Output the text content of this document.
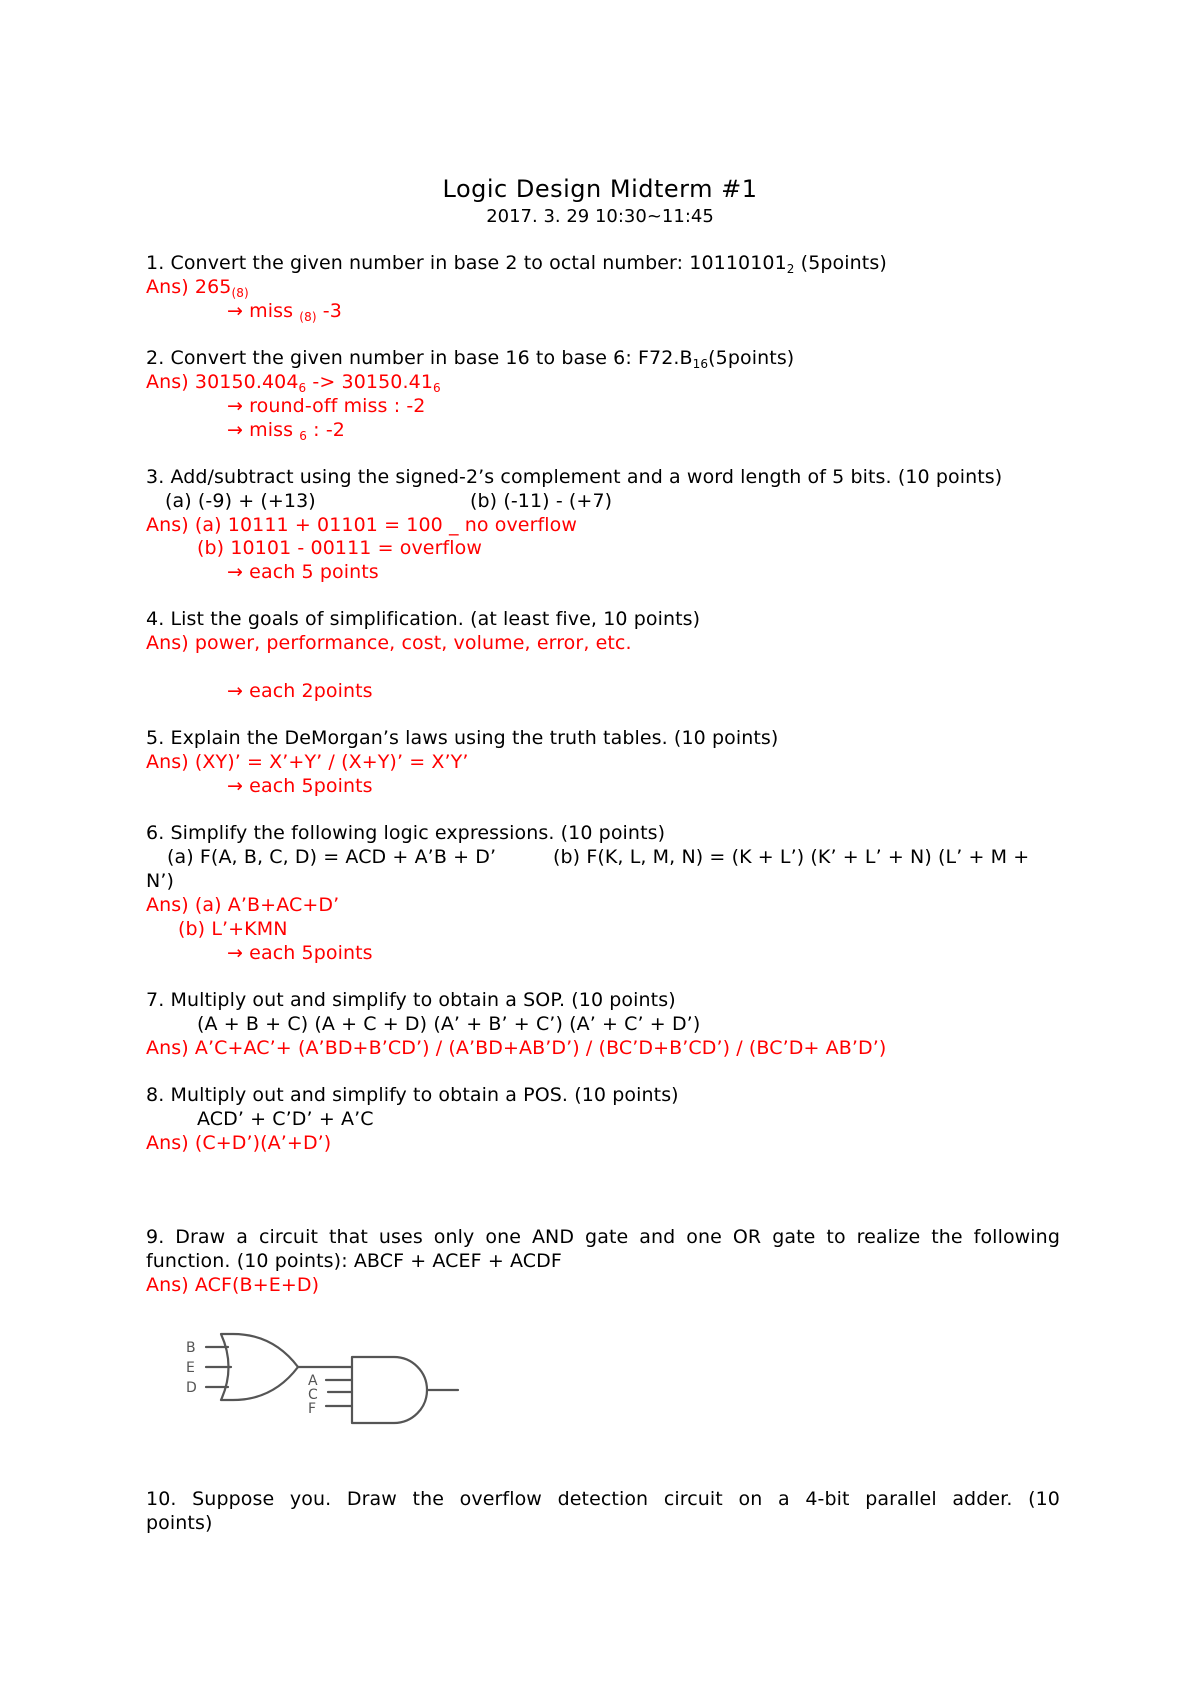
Logic Design Midterm #1
2017. 3. 29 10:30~11:45
1. Convert the given number in base 2 to octal number: $10110101_2$ (5points)
Ans) $265_{(8)}$
→ miss $_{(8)}$ -3
2. Convert the given number in base 16 to base 6: $F72.B_{16}(5points)$
Ans) $30150.404_6 -> 30150.41_6$
→ round-off miss : -2
→ miss $_6$ : -2
3. Add/subtract using the signed-2’s complement and a word length of 5 bits. (10 points)
(a) (-9) + (+13)	(b) (-11) - (+7)
Ans) (a) 10111 + 01101 = 100 _ no overflow
(b) 10101 - 00111 = overflow
→ each 5 points
4. List the goals of simplification. (at least five, 10 points)
Ans) power, performance, cost, volume, error, etc.
→ each 2points
5. Explain the DeMorgan’s laws using the truth tables. (10 points)
Ans) (XY)’ = X’+Y’ / (X+Y)’ = X’Y’
→ each 5points
6. Simplify the following logic expressions. (10 points)
(a) F(A, B, C, D) = ACD + A’B + D’	(b) F(K, L, M, N) = (K + L’) (K’ + L’ + N) (L’ + M +
N’)
Ans) (a) A’B+AC+D’
(b) L’+KMN
→ each 5points
7. Multiply out and simplify to obtain a SOP. (10 points)
(A + B + C) (A + C + D) (A’ + B’ + C’) (A’ + C’ + D’)
Ans) A’C+AC’+ (A’BD+B’CD’) / (A’BD+AB’D’) / (BC’D+B’CD’) / (BC’D+ AB’D’)
8. Multiply out and simplify to obtain a POS. (10 points)
ACD’ + C’D’ + A’C
Ans) (C+D’)(A’+D’)
9. Draw a circuit that uses only one AND gate and one OR gate to realize the following
function. (10 points): ABCF + ACEF + ACDF
Ans) ACF(B+E+D)
B
E
D	A
C
F
10. Suppose you. Draw the overflow detection circuit on a 4-bit parallel adder. (10
points)
